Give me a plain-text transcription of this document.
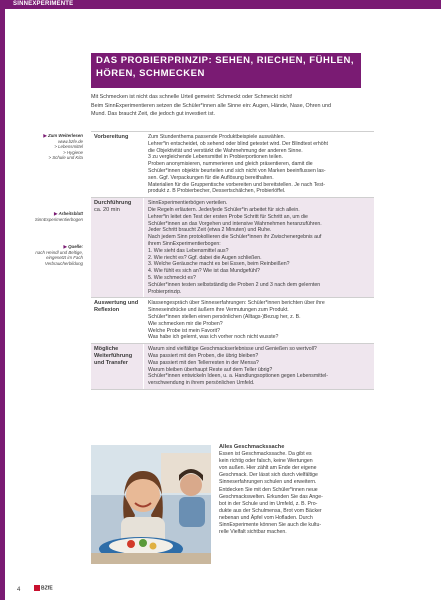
SINNEXPERIMENTE
DAS PROBIERPRINZIP: SEHEN, RIECHEN, FÜHLEN,
HÖREN, SCHMECKEN

Mit Schmecken ist nicht das schnelle Urteil gemeint: Schmeckt oder Schmeckt nicht!

Beim SinnExperimentieren setzen die Schüler*innen alle Sinne ein: Augen, Hände, Nase, Ohren und
Mund. Das braucht Zeit, die jedoch gut investiert ist.

▶ Zum Weiterlesen
www.bzfe.de
> Lebensmittel
> Hygiene
> Schule und Kita
▶ Arbeitsblatt
SinnExperimentierbogen
▶ Quelle:
nach Heindl und Beltige,
eingesetzt im Fach
Verbraucherbildung
Vorbereitung	Zum Stundenthema passende Produktbeispiele auswählen.
Lehrer*in entscheidet, ob sehend oder blind getestet wird. Der Blindtest erhöht
die Objektivität und verstärkt die Wahrnehmung der anderen Sinne.
3 zu vergleichende Lebensmittel in Probierportionen teilen.
Proben anonymisieren, nummerieren und gleich präsentieren, damit die
Schüler*innen objektiv beurteilen und sich nicht von Marken beeinflussen las-
sen. Ggf. Verpackungen für die Auflösung bereithalten.
Materialien für die Gruppentische vorbereiten und bereitstellen. Je nach Test-
produkt z. B Probierbecher, Dessertschälchen, Probierlöffel.
Durchführung
ca. 20 min
SinnExperimentierbögen verteilen.
Die Regeln erläutern. Jeder/jede Schüler*in arbeitet für sich allein.
Lehrer*in leitet den Test der ersten Probe Schritt für Schritt an, um die
Schüler*innen an das Vorgehen und intensive Wahrnehmen heranzuführen.
Jeder Schritt braucht Zeit (etwa 2 Minuten) und Ruhe.
Nach jedem Sinn protokollieren die Schüler*innen ihr Zwischenergebnis auf
ihrem SinnExperimentierbogen:
1. Wie sieht das Lebensmittel aus?
2. Wie riecht es? Ggf. dabei die Augen schließen.
3. Welche Geräusche macht es bei Essen, beim Reinbeißen?
4. Wie fühlt es sich an? Wie ist das Mundgefühl?
5. Wie schmeckt es?
Schüler*innen testen selbstständig die Proben 2 und 3 nach dem gelernten
Probierprinzip.
Auswertung und Reflexion
Klassengespräch über Sinneserfahrungen: Schüler*innen berichten über ihre
Sinneseindrücke und äußern ihre Vermutungen zum Produkt.
Schüler*innen stellen einen persönlichen (Alltags-)Bezug her, z. B.
Wie schmecken mir die Proben?
Welche Probe ist mein Favorit?
Was habe ich gelernt, was ich vorher noch nicht wusste?
Mögliche Weiterführung und Transfer
Warum sind vielfältige Geschmackserlebnisse und Genießen so wertvoll?
Was passiert mit den Proben, die übrig bleiben?
Was passiert mit den Tellerresten in der Mensa?
Warum bleiben überhaupt Reste auf dem Teller übrig?
Schüler*innen entwickeln Ideen, u. a. Handlungsoptionen gegen Lebensmittel-
verschwendung in ihrem persönlichen Umfeld.
Alles Geschmackssache
Essen ist Geschmackssache. Da gibt es
kein richtig oder falsch, keine Wertungen
von außen. Hier zählt am Ende der eigene
Geschmack. Der lässt sich durch vielfältige
Sinneserfahrungen schulen und erweitern.
Entdecken Sie mit den Schüler*innen neue
Geschmackswelten. Erkunden Sie das Ange-
bot in der Schule und im Umfeld, z. B. Pro-
dukte aus der Schulmensa, Brot vom Bäcker
nebenan und Äpfel vom Hofladen. Durch
SinnExperimente können Sie auch die kultu-
relle Vielfalt sichtbar machen.
4	BZfE
